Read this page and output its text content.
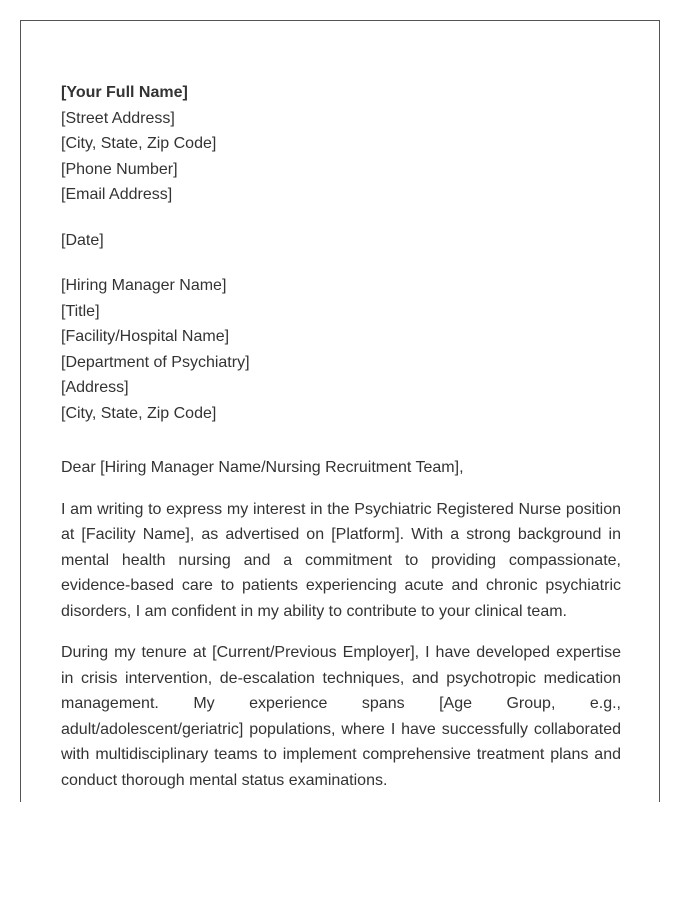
[Your Full Name]

[Street Address]

[City, State, Zip Code]

[Phone Number]

[Email Address]

[Date]

[Hiring Manager Name]

[Title]

[Facility/Hospital Name]

[Department of Psychiatry]

[Address]

[City, State, Zip Code]

Dear [Hiring Manager Name/Nursing Recruitment Team],

I am writing to express my interest in the Psychiatric Registered Nurse position at [Facility Name], as advertised on [Platform]. With a strong background in mental health nursing and a commitment to providing compassionate, evidence-based care to patients experiencing acute and chronic psychiatric disorders, I am confident in my ability to contribute to your clinical team.

During my tenure at [Current/Previous Employer], I have developed expertise in crisis intervention, de-escalation techniques, and psychotropic medication management. My experience spans [Age Group, e.g., adult/adolescent/geriatric] populations, where I have successfully collaborated with multidisciplinary teams to implement comprehensive treatment plans and conduct thorough mental status examinations.
